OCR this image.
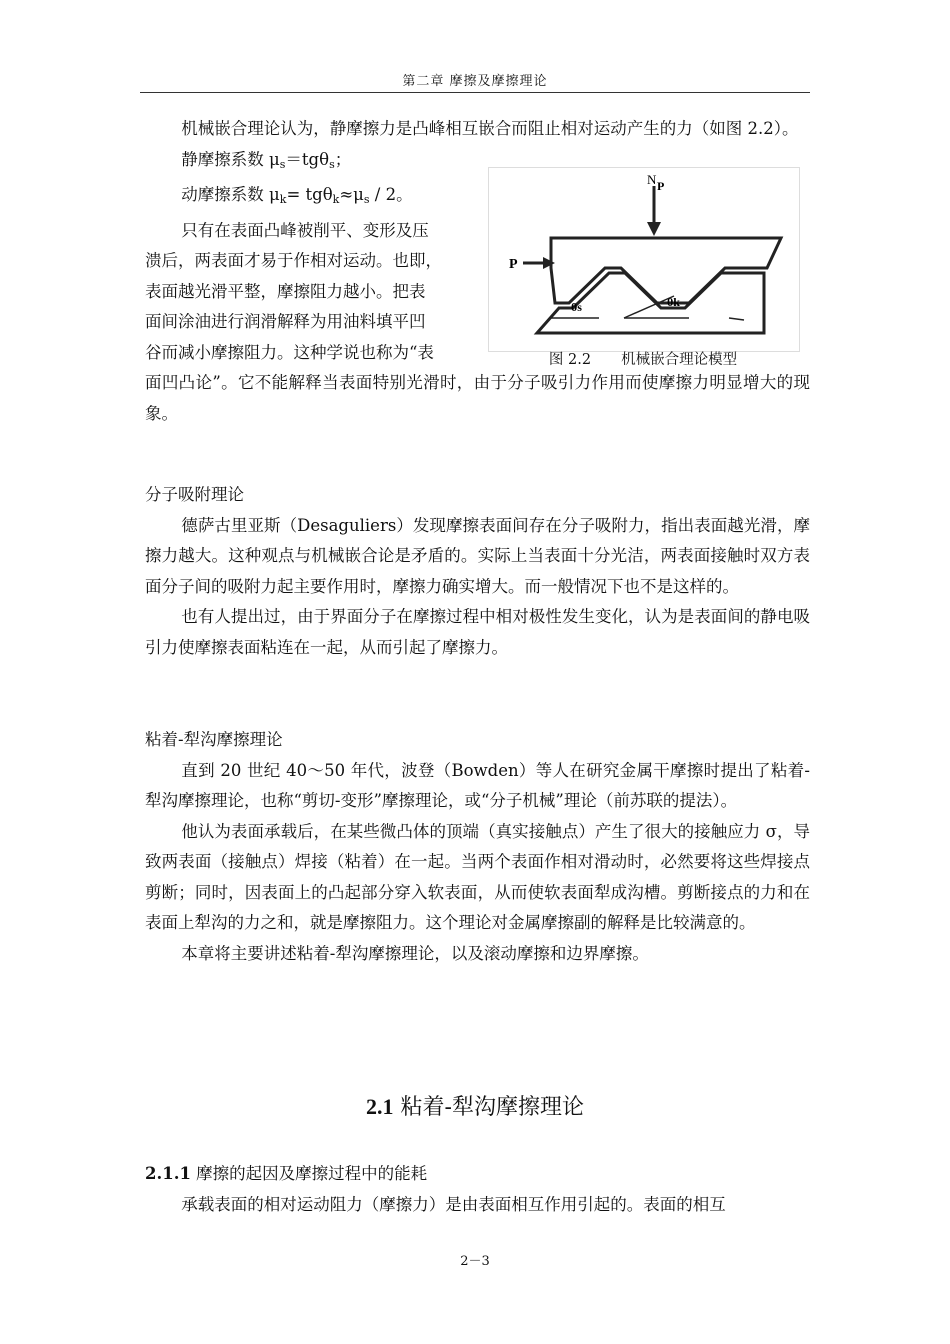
第二章 摩擦及摩擦理论

机械嵌合理论认为，静摩擦力是凸峰相互嵌合而阻止相对运动产生的力（如图 2.2）。

静摩擦系数 $\mu_s=tg\theta_s$；

动摩擦系数 $\mu_k= tg\theta_k\approx\mu_s / 2$。

只有在表面凸峰被削平、变形及压

溃后，两表面才易于作相对运动。也即，

表面越光滑平整，摩擦阻力越小。把表

面间涂油进行润滑解释为用油料填平凹

谷而减小摩擦阻力。这种学说也称为“表

面凹凸论”。它不能解释当表面特别光滑时，由于分子吸引力作用而使摩擦力明显增大的现象。

N P
P
θs	θk
图 2.2 机械嵌合理论模型
分子吸附理论

德萨古里亚斯（Desaguliers）发现摩擦表面间存在分子吸附力，指出表面越光滑，摩擦力越大。这种观点与机械嵌合论是矛盾的。实际上当表面十分光洁，两表面接触时双方表面分子间的吸附力起主要作用时，摩擦力确实增大。而一般情况下也不是这样的。

也有人提出过，由于界面分子在摩擦过程中相对极性发生变化，认为是表面间的静电吸引力使摩擦表面粘连在一起，从而引起了摩擦力。

粘着-犁沟摩擦理论

直到 20 世纪 40～50 年代，波登（Bowden）等人在研究金属干摩擦时提出了粘着-犁沟摩擦理论，也称“剪切-变形”摩擦理论，或“分子机械”理论（前苏联的提法）。

他认为表面承载后，在某些微凸体的顶端（真实接触点）产生了很大的接触应力 σ，导致两表面（接触点）焊接（粘着）在一起。当两个表面作相对滑动时，必然要将这些焊接点剪断；同时，因表面上的凸起部分穿入软表面，从而使软表面犁成沟槽。剪断接点的力和在表面上犁沟的力之和，就是摩擦阻力。这个理论对金属摩擦副的解释是比较满意的。

本章将主要讲述粘着-犁沟摩擦理论，以及滚动摩擦和边界摩擦。

2.1 粘着-犁沟摩擦理论
2.1.1 摩擦的起因及摩擦过程中的能耗

承载表面的相对运动阻力（摩擦力）是由表面相互作用引起的。表面的相互

2－3
